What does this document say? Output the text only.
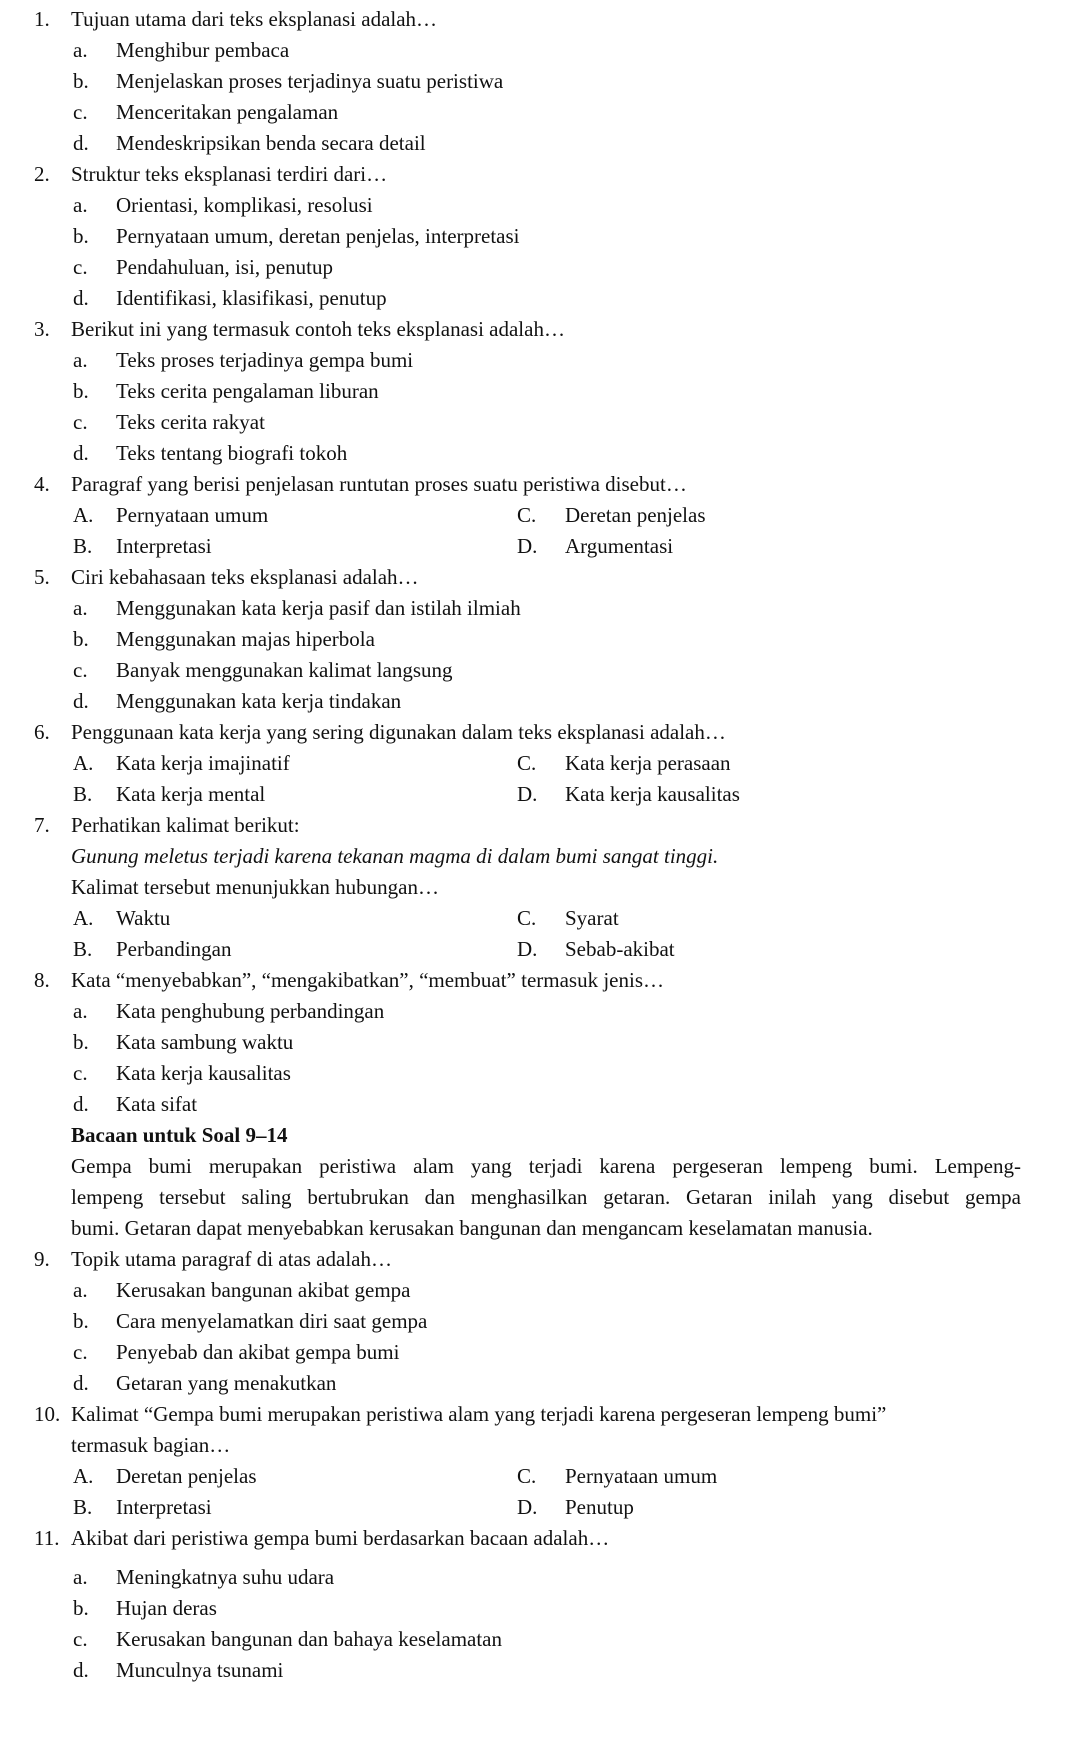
1. Tujuan utama dari teks eksplanasi adalah…
a. Menghibur pembaca
b. Menjelaskan proses terjadinya suatu peristiwa
c. Menceritakan pengalaman
d. Mendeskripsikan benda secara detail
2. Struktur teks eksplanasi terdiri dari…
a. Orientasi, komplikasi, resolusi
b. Pernyataan umum, deretan penjelas, interpretasi
c. Pendahuluan, isi, penutup
d. Identifikasi, klasifikasi, penutup
3. Berikut ini yang termasuk contoh teks eksplanasi adalah…
a. Teks proses terjadinya gempa bumi
b. Teks cerita pengalaman liburan
c. Teks cerita rakyat
d. Teks tentang biografi tokoh
4. Paragraf yang berisi penjelasan runtutan proses suatu peristiwa disebut…
A. Pernyataan umum	C. Deretan penjelas
B. Interpretasi	D. Argumentasi
5. Ciri kebahasaan teks eksplanasi adalah…
a. Menggunakan kata kerja pasif dan istilah ilmiah
b. Menggunakan majas hiperbola
c. Banyak menggunakan kalimat langsung
d. Menggunakan kata kerja tindakan
6. Penggunaan kata kerja yang sering digunakan dalam teks eksplanasi adalah…
A. Kata kerja imajinatif	C. Kata kerja perasaan
B. Kata kerja mental	D. Kata kerja kausalitas
7. Perhatikan kalimat berikut:
Gunung meletus terjadi karena tekanan magma di dalam bumi sangat tinggi.
Kalimat tersebut menunjukkan hubungan…
A. Waktu	C. Syarat
B. Perbandingan	D. Sebab-akibat
8. Kata “menyebabkan”, “mengakibatkan”, “membuat” termasuk jenis…
a. Kata penghubung perbandingan
b. Kata sambung waktu
c. Kata kerja kausalitas
d. Kata sifat
Bacaan untuk Soal 9–14
Gempa bumi merupakan peristiwa alam yang terjadi karena pergeseran lempeng bumi. Lempeng-
lempeng tersebut saling bertubrukan dan menghasilkan getaran. Getaran inilah yang disebut gempa
bumi. Getaran dapat menyebabkan kerusakan bangunan dan mengancam keselamatan manusia.
9. Topik utama paragraf di atas adalah…
a. Kerusakan bangunan akibat gempa
b. Cara menyelamatkan diri saat gempa
c. Penyebab dan akibat gempa bumi
d. Getaran yang menakutkan
10. Kalimat “Gempa bumi merupakan peristiwa alam yang terjadi karena pergeseran lempeng bumi”
termasuk bagian…
A. Deretan penjelas	C. Pernyataan umum
B. Interpretasi	D. Penutup
11. Akibat dari peristiwa gempa bumi berdasarkan bacaan adalah…
a. Meningkatnya suhu udara
b. Hujan deras
c. Kerusakan bangunan dan bahaya keselamatan
d. Munculnya tsunami
